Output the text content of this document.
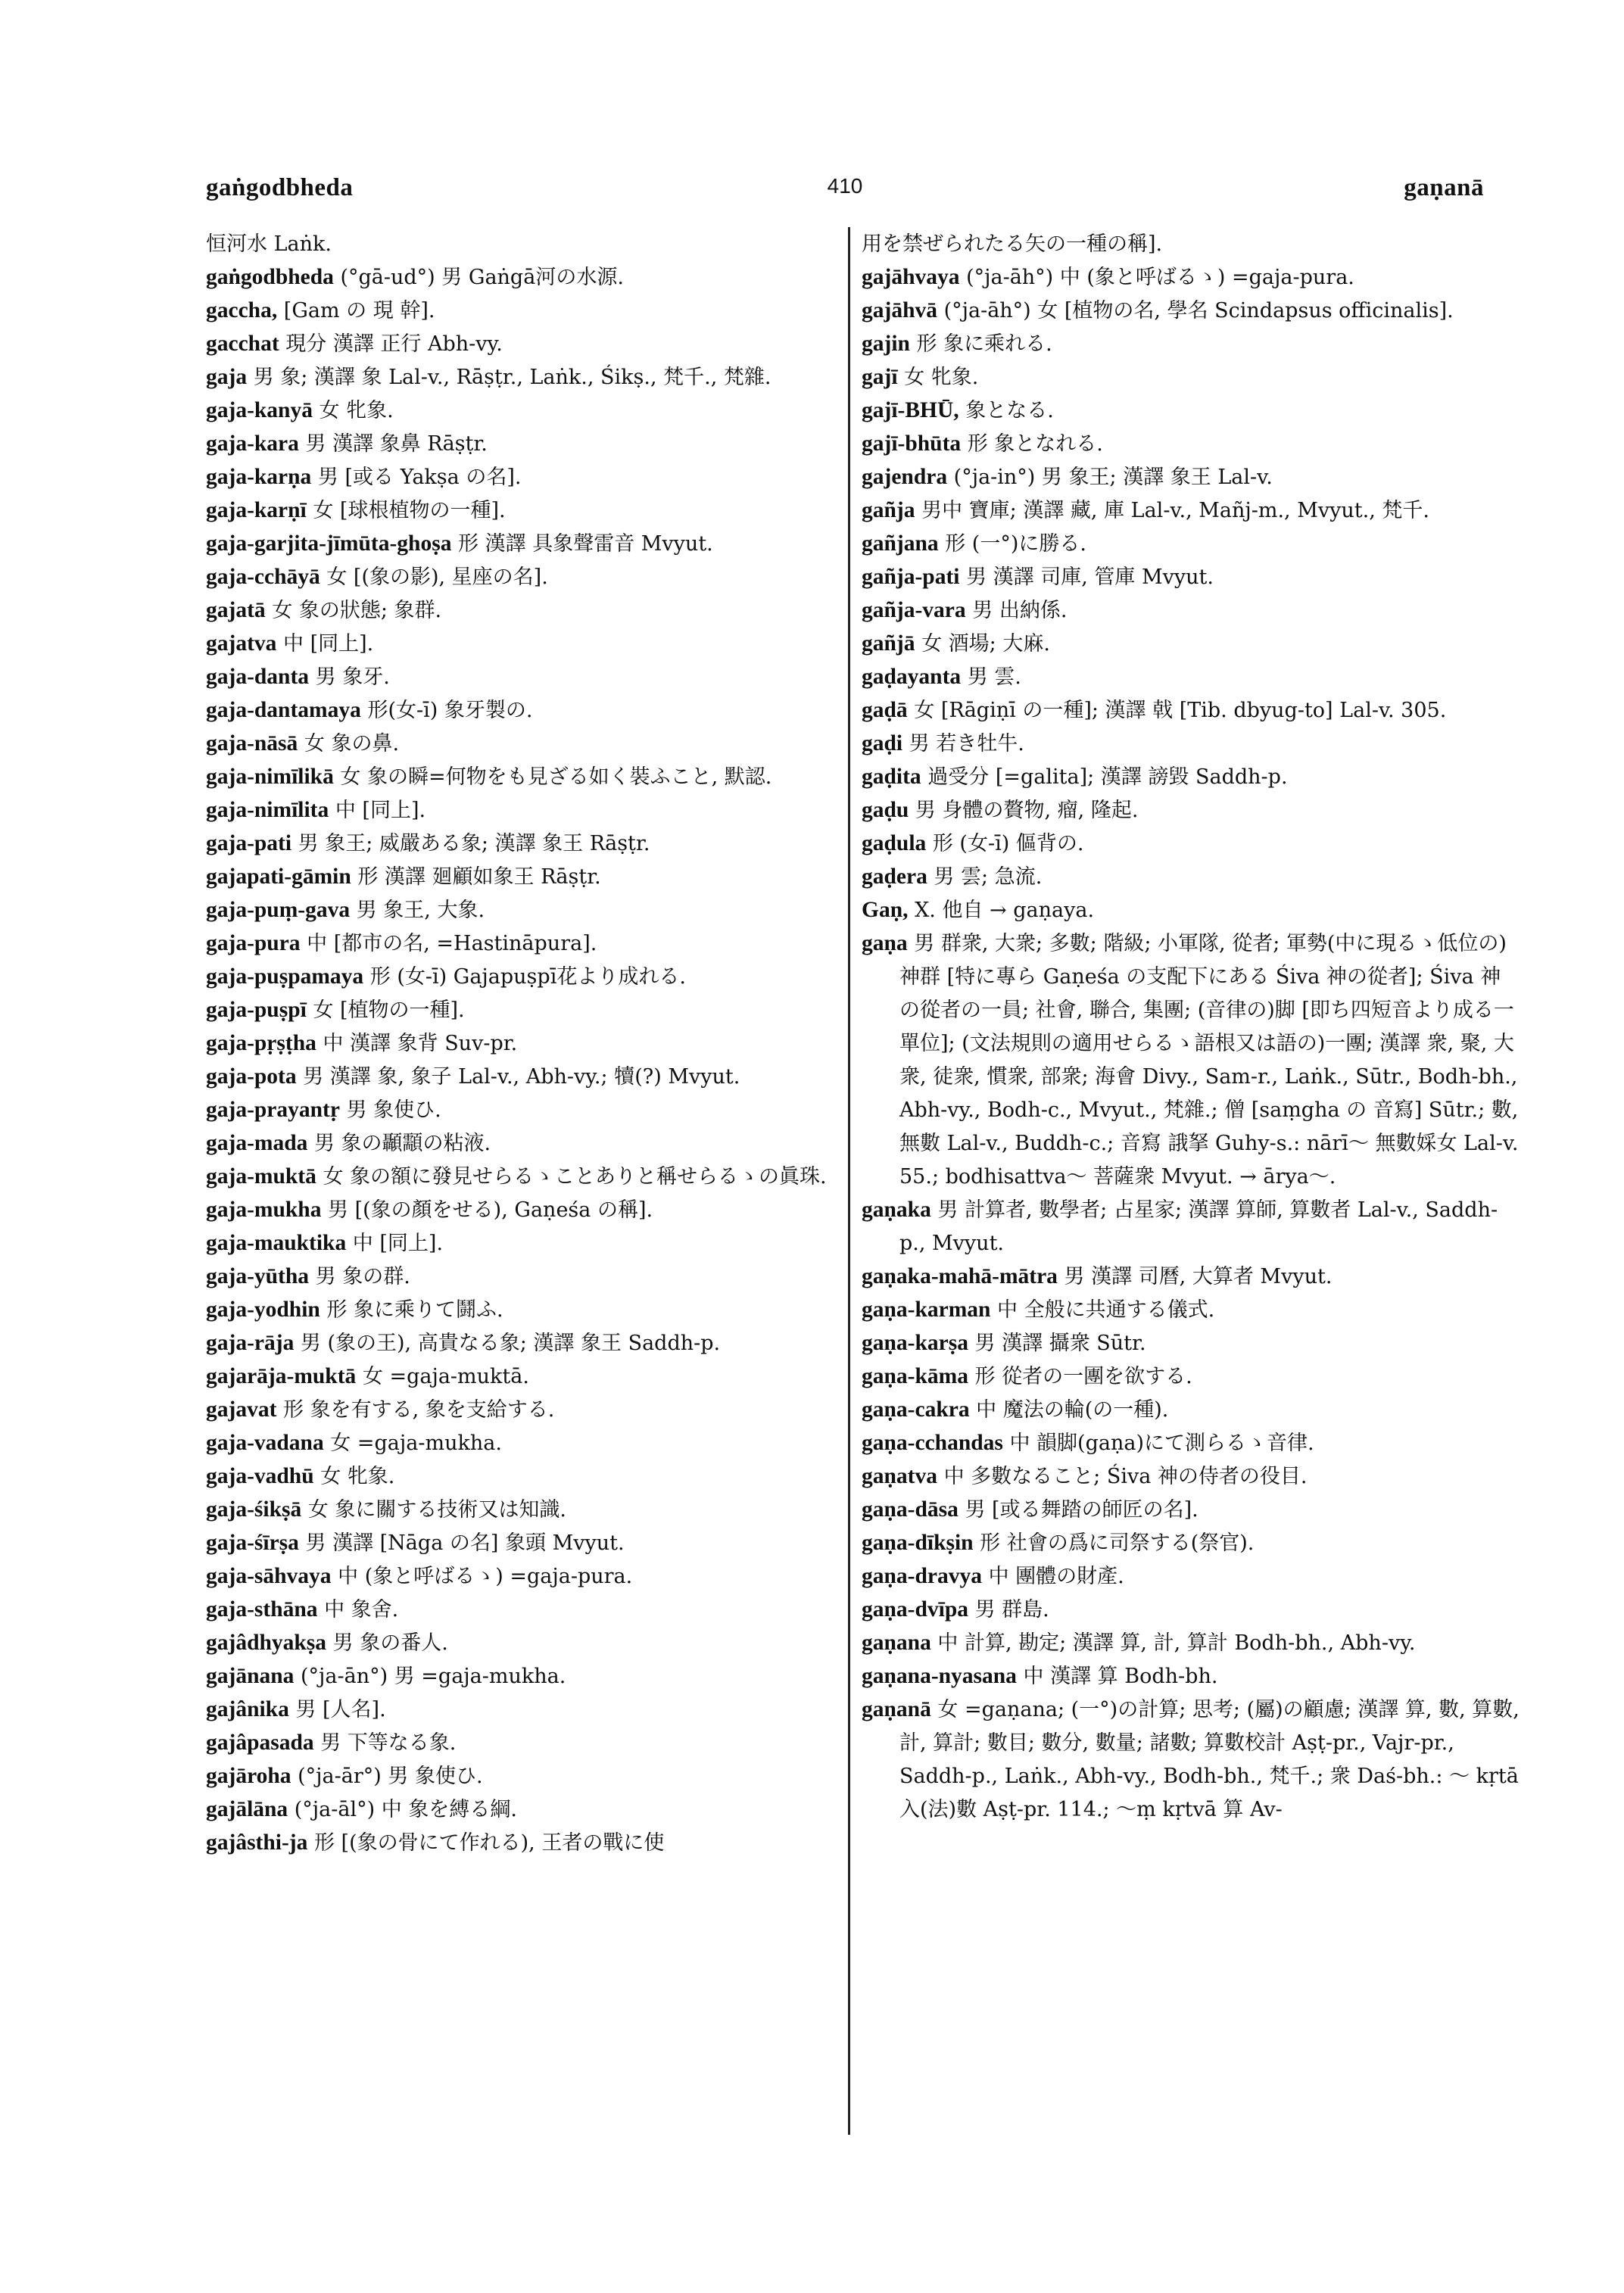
gaṅgodbheda	410	gaṇanā

恒河水 Laṅk.

gaṅgodbheda (°gā-ud°) 男 Gaṅgā河の水源.

gaccha, [Gam の 現 幹].

gacchat 現分 漢譯 正行 Abh-vy.

gaja 男 象; 漢譯 象 Lal-v., Rāṣṭr., Laṅk., Śikṣ., 梵千., 梵雜.

gaja-kanyā 女 牝象.

gaja-kara 男 漢譯 象鼻 Rāṣṭr.

gaja-karṇa 男 [或る Yakṣa の名].

gaja-karṇī 女 [球根植物の一種].

gaja-garjita-jīmūta-ghoṣa 形 漢譯 具象聲雷音 Mvyut.

gaja-cchāyā 女 [(象の影), 星座の名].

gajatā 女 象の狀態; 象群.

gajatva 中 [同上].

gaja-danta 男 象牙.

gaja-dantamaya 形(女-ī) 象牙製の.

gaja-nāsā 女 象の鼻.

gaja-nimīlikā 女 象の瞬=何物をも見ざる如く裝ふこと, 默認.

gaja-nimīlita 中 [同上].

gaja-pati 男 象王; 威嚴ある象; 漢譯 象王 Rāṣṭr.

gajapati-gāmin 形 漢譯 廻顧如象王 Rāṣṭr.

gaja-puṃ-gava 男 象王, 大象.

gaja-pura 中 [都市の名, =Hastināpura].

gaja-puṣpamaya 形 (女-ī) Gajapuṣpī花より成れる.

gaja-puṣpī 女 [植物の一種].

gaja-pṛṣṭha 中 漢譯 象背 Suv-pr.

gaja-pota 男 漢譯 象, 象子 Lal-v., Abh-vy.; 犢(?) Mvyut.

gaja-prayantṛ 男 象使ひ.

gaja-mada 男 象の顳顬の粘液.

gaja-muktā 女 象の額に發見せらるゝことありと稱せらるゝの眞珠.

gaja-mukha 男 [(象の顏をせる), Gaṇeśa の稱].

gaja-mauktika 中 [同上].

gaja-yūtha 男 象の群.

gaja-yodhin 形 象に乘りて鬪ふ.

gaja-rāja 男 (象の王), 高貴なる象; 漢譯 象王 Saddh-p.

gajarāja-muktā 女 =gaja-muktā.

gajavat 形 象を有する, 象を支給する.

gaja-vadana 女 =gaja-mukha.

gaja-vadhū 女 牝象.

gaja-śikṣā 女 象に關する技術又は知識.

gaja-śīrṣa 男 漢譯 [Nāga の名] 象頭 Mvyut.

gaja-sāhvaya 中 (象と呼ばるゝ) =gaja-pura.

gaja-sthāna 中 象舍.

gajâdhyakṣa 男 象の番人.

gajānana (°ja-ān°) 男 =gaja-mukha.

gajânika 男 [人名].

gajâpasada 男 下等なる象.

gajāroha (°ja-ār°) 男 象使ひ.

gajālāna (°ja-āl°) 中 象を縛る綱.

gajâsthi-ja 形 [(象の骨にて作れる), 王者の戰に使

用を禁ぜられたる矢の一種の稱].

gajāhvaya (°ja-āh°) 中 (象と呼ばるゝ) =gaja-pura.

gajāhvā (°ja-āh°) 女 [植物の名, 學名 Scindapsus officinalis].

gajin 形 象に乘れる.

gajī 女 牝象.

gajī-BHŪ, 象となる.

gajī-bhūta 形 象となれる.

gajendra (°ja-in°) 男 象王; 漢譯 象王 Lal-v.

gañja 男中 寶庫; 漢譯 藏, 庫 Lal-v., Mañj-m., Mvyut., 梵千.

gañjana 形 (一°)に勝る.

gañja-pati 男 漢譯 司庫, 管庫 Mvyut.

gañja-vara 男 出納係.

gañjā 女 酒場; 大麻.

gaḍayanta 男 雲.

gaḍā 女 [Rāgiṇī の一種]; 漢譯 戟 [Tib. dbyug-to] Lal-v. 305.

gaḍi 男 若き牡牛.

gaḍita 過受分 [=galita]; 漢譯 謗毀 Saddh-p.

gaḍu 男 身體の贅物, 瘤, 隆起.

gaḍula 形 (女-ī) 傴背の.

gaḍera 男 雲; 急流.

Gaṇ, X. 他自 → gaṇaya.

gaṇa 男 群衆, 大衆; 多數; 階級; 小軍隊, 從者; 軍勢(中に現るゝ低位の)神群 [特に專ら Gaṇeśa の支配下にある Śiva 神の從者]; Śiva 神の從者の一員; 社會, 聯合, 集團; (音律の)脚 [即ち四短音より成る一單位]; (文法規則の適用せらるゝ語根又は語の)一團; 漢譯 衆, 聚, 大衆, 徒衆, 慣衆, 部衆; 海會 Divy., Sam-r., Laṅk., Sūtr., Bodh-bh., Abh-vy., Bodh-c., Mvyut., 梵雜.; 僧 [saṃgha の 音寫] Sūtr.; 數, 無數 Lal-v., Buddh-c.; 音寫 誐拏 Guhy-s.: nārī〜 無數婇女 Lal-v. 55.; bodhisattva〜 菩薩衆 Mvyut. → ārya〜.

gaṇaka 男 計算者, 數學者; 占星家; 漢譯 算師, 算數者 Lal-v., Saddh-p., Mvyut.

gaṇaka-mahā-mātra 男 漢譯 司曆, 大算者 Mvyut.

gaṇa-karman 中 全般に共通する儀式.

gaṇa-karṣa 男 漢譯 攝衆 Sūtr.

gaṇa-kāma 形 從者の一團を欲する.

gaṇa-cakra 中 魔法の輪(の一種).

gaṇa-cchandas 中 韻脚(gaṇa)にて測らるゝ音律.

gaṇatva 中 多數なること; Śiva 神の侍者の役目.

gaṇa-dāsa 男 [或る舞踏の師匠の名].

gaṇa-dīkṣin 形 社會の爲に司祭する(祭官).

gaṇa-dravya 中 團體の財產.

gaṇa-dvīpa 男 群島.

gaṇana 中 計算, 勘定; 漢譯 算, 計, 算計 Bodh-bh., Abh-vy.

gaṇana-nyasana 中 漢譯 算 Bodh-bh.

gaṇanā 女 =gaṇana; (一°)の計算; 思考; (屬)の顧慮; 漢譯 算, 數, 算數, 計, 算計; 數目; 數分, 數量; 諸數; 算數校計 Aṣṭ-pr., Vajr-pr., Saddh-p., Laṅk., Abh-vy., Bodh-bh., 梵千.; 衆 Daś-bh.: 〜 kṛtā 入(法)數 Aṣṭ-pr. 114.; 〜ṃ kṛtvā 算 Av-
